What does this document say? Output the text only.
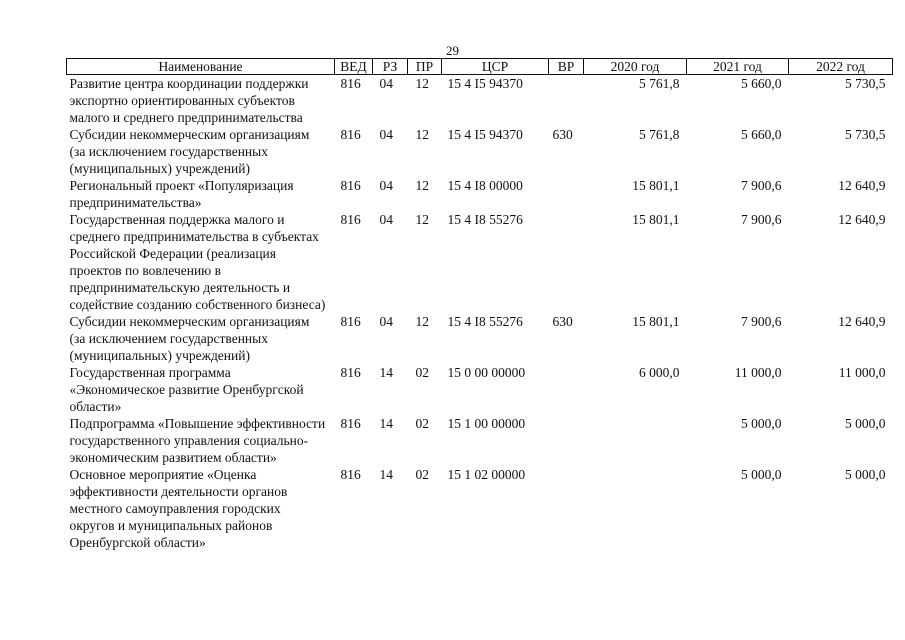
29
Наименование	ВЕД	РЗ	ПР	ЦСР	ВР	2020 год	2021 год	2022 год
Развитие центра координации поддержки экспортно ориентированных субъектов малого и среднего предпринимательства	816	04	12	15 4 I5 94370		5 761,8	5 660,0	5 730,5
Субсидии некоммерческим организациям (за исключением государственных (муниципальных) учреждений)	816	04	12	15 4 I5 94370	630	5 761,8	5 660,0	5 730,5
Региональный проект «Популяризация предпринимательства»	816	04	12	15 4 I8 00000		15 801,1	7 900,6	12 640,9
Государственная поддержка малого и среднего предпринимательства в субъектах Российской Федерации (реализация проектов по вовлечению в предпринимательскую деятельность и содействие созданию собственного бизнеса)	816	04	12	15 4 I8 55276		15 801,1	7 900,6	12 640,9
Субсидии некоммерческим организациям (за исключением государственных (муниципальных) учреждений)	816	04	12	15 4 I8 55276	630	15 801,1	7 900,6	12 640,9
Государственная программа «Экономическое развитие Оренбургской области»	816	14	02	15 0 00 00000		6 000,0	11 000,0	11 000,0
Подпрограмма «Повышение эффективности государственного управления социально-экономическим развитием области»	816	14	02	15 1 00 00000			5 000,0	5 000,0
Основное мероприятие «Оценка эффективности деятельности органов местного самоуправления городских округов и муниципальных районов Оренбургской области»	816	14	02	15 1 02 00000			5 000,0	5 000,0
